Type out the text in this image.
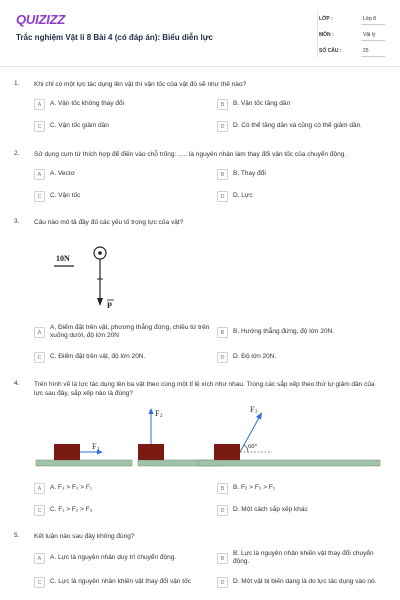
QUIZIZZ
Trắc nghiệm Vật lí 8 Bài 4 (có đáp án): Biểu diễn lực
LỚP :	Lớp 8
MÔN :	Vật lý
SỐ CÂU :	25
1. Khi chỉ có một lực tác dụng lên vật thì vận tốc của vật đó sẽ như thế nào?
A	A. Vận tốc không thay đổi	B	B. Vận tốc tăng dần
C	C. Vận tốc giảm dần	D	D. Có thể tăng dần và cũng có thể giảm dần.
2. Sử dụng cụm từ thích hợp để điền vào chỗ trống: ..... là nguyên nhân làm thay đổi vận tốc của chuyển động.
A	A. Vectơ	B	B. Thay đổi
C	C. Vận tốc	D	D. Lực
3. Câu nào mô tả đầy đủ các yếu tố trọng lực của vật?
10N
P
A
A. Điểm đặt trên vật, phương thẳng đứng, chiều từ trên xuống dưới, độ lớn 20N	B	B. Hướng thẳng đứng, độ lớn 20N.
C	C. Điểm đặt trên vật, độ lớn 20N.	D	D. Độ lớn 20N.
4. Trên hình vẽ là lực tác dụng lên ba vật theo cùng một tỉ lệ xích như nhau. Trong các sắp xếp theo thứ tự giảm dần của lực sau đây, sắp xếp nào là đúng?
F 1
F 2
F 3
60°
A	A. F₃ > F₂ > F₁	B	B. F₂ > F₃ > F₁
C	C. F₁ > F₂ > F₃	D	D. Một cách sắp xếp khác
5. Kết luận nào sau đây không đúng?
A	A. Lực là nguyên nhân duy trì chuyển động.	B
B. Lực là nguyên nhân khiến vật thay đổi chuyển động.
C	C. Lực là nguyên nhân khiến vật thay đổi vận tốc	D	D. Một vật bị biến dạng là do lực tác dụng vào nó.
